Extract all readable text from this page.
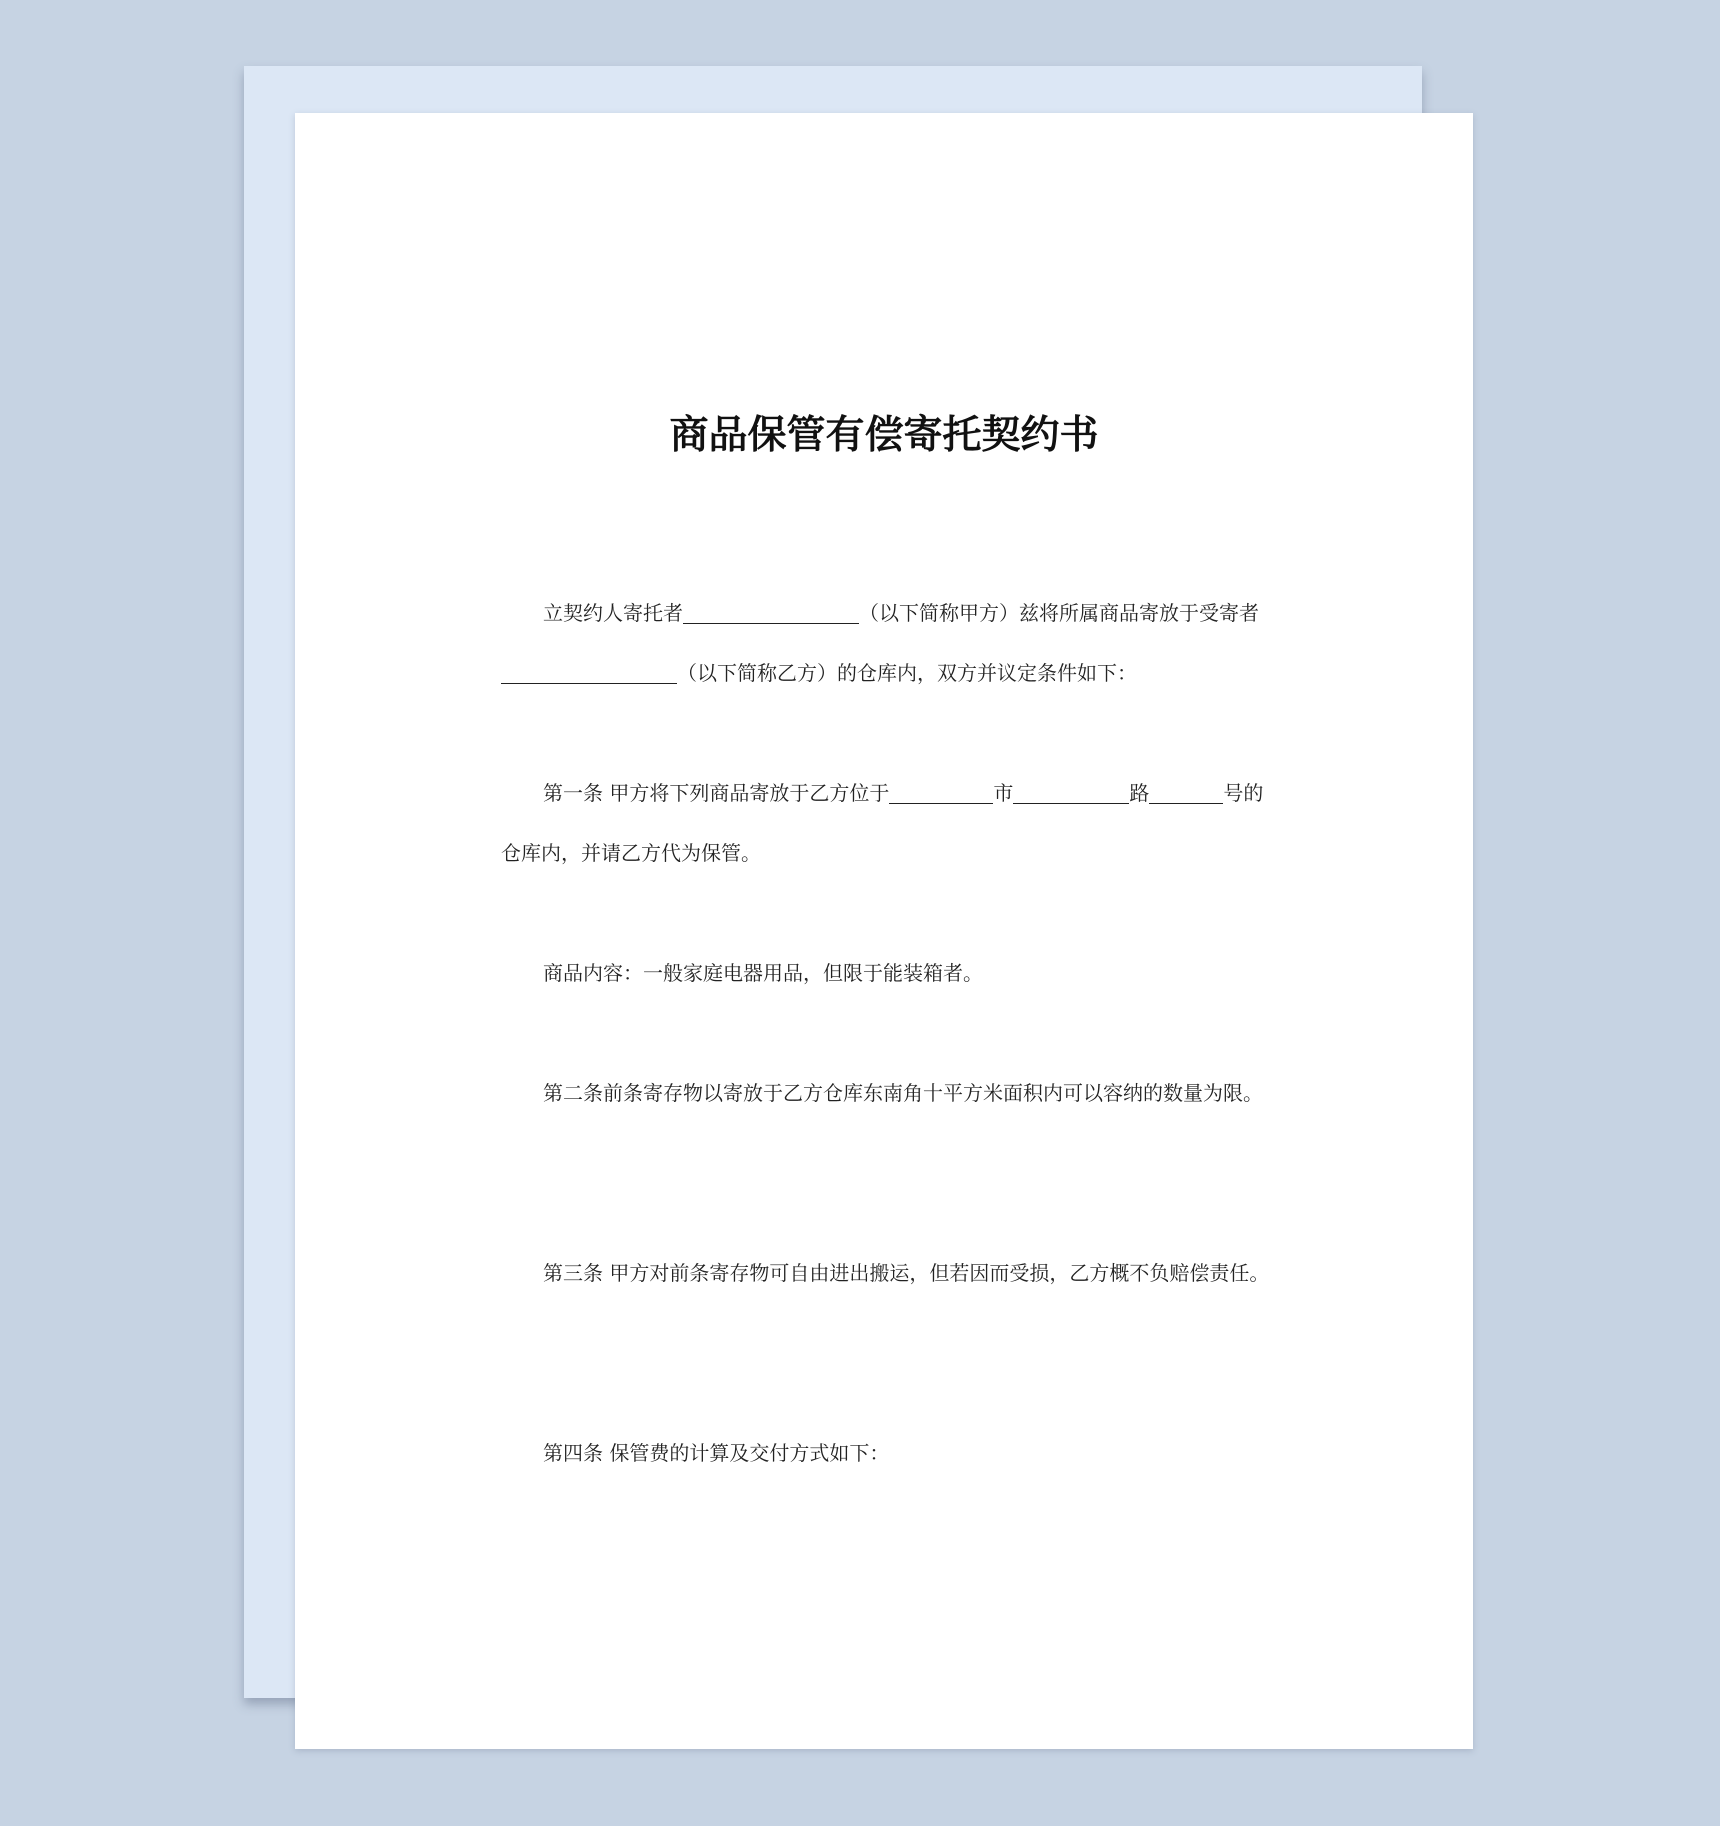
商品保管有偿寄托契约书

立契约人寄托者	（以下简称甲方）兹将所属商品寄放于受寄者（以下简称乙方）的仓库内，双方并议定条件如下：

第一条 甲方将下列商品寄放于乙方位于	市	路	号的仓库内，并请乙方代为保管。

商品内容：一般家庭电器用品，但限于能装箱者。

第二条前条寄存物以寄放于乙方仓库东南角十平方米面积内可以容纳的数量为限。

第三条 甲方对前条寄存物可自由进出搬运，但若因而受损，乙方概不负赔偿责任。

第四条 保管费的计算及交付方式如下：
